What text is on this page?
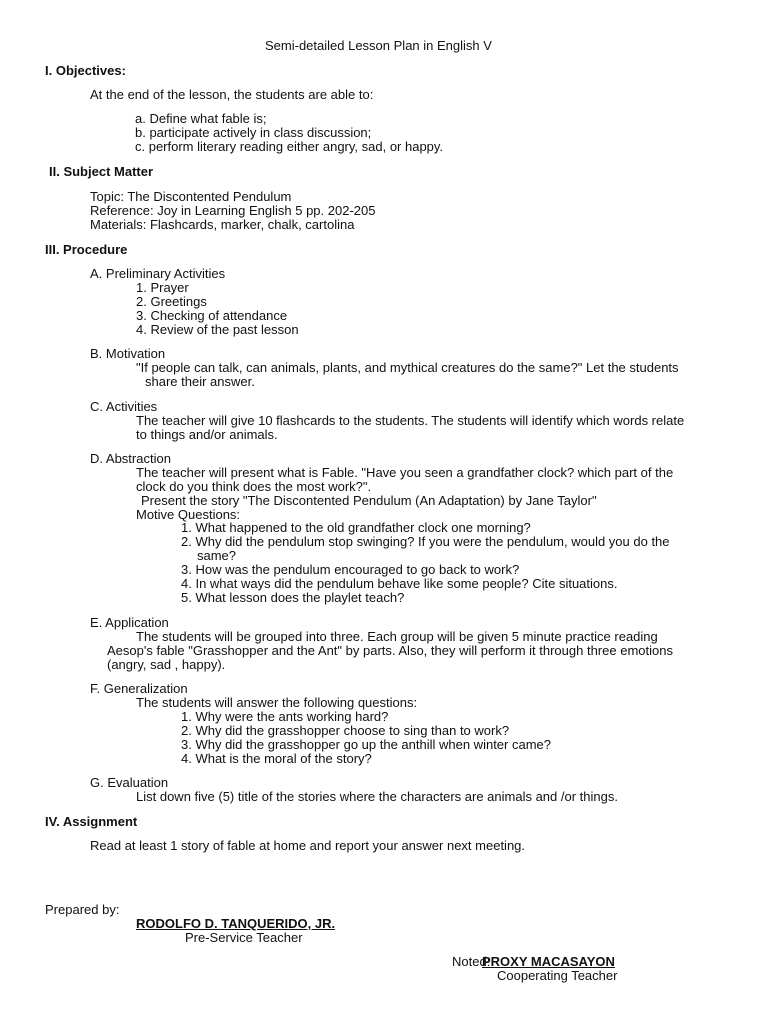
Semi-detailed Lesson Plan in English V
I. Objectives:
At the end of the lesson, the students are able to:
a. Define what fable is;
b. participate actively in class discussion;
c. perform literary reading either angry, sad, or happy.
II. Subject Matter
Topic: The Discontented Pendulum
Reference: Joy in Learning English 5 pp. 202-205
Materials: Flashcards, marker, chalk, cartolina
III. Procedure
A. Preliminary Activities
1. Prayer
2. Greetings
3. Checking of attendance
4. Review of the past lesson
B. Motivation
"If people can talk, can animals, plants, and mythical creatures do the same?" Let the students
share their answer.
C. Activities
The teacher will give 10 flashcards to the students. The students will identify which words relate
to things and/or animals.
D. Abstraction
The teacher will present what is Fable. "Have you seen a grandfather clock? which part of the
clock do you think does the most work?".
Present the story "The Discontented Pendulum (An Adaptation) by Jane Taylor"
Motive Questions:
1. What happened to the old grandfather clock one morning?
2. Why did the pendulum stop swinging? If you were the pendulum, would you do the
same?
3. How was the pendulum encouraged to go back to work?
4. In what ways did the pendulum behave like some people? Cite situations.
5. What lesson does the playlet teach?
E. Application
The students will be grouped into three. Each group will be given 5 minute practice reading
Aesop's fable "Grasshopper and the Ant" by parts. Also, they will perform it through three emotions
(angry, sad , happy).
F. Generalization
The students will answer the following questions:
1. Why were the ants working hard?
2. Why did the grasshopper choose to sing than to work?
3. Why did the grasshopper go up the anthill when winter came?
4. What is the moral of the story?
G. Evaluation
List down five (5) title of the stories where the characters are animals and /or things.
IV. Assignment
Read at least 1 story of fable at home and report your answer next meeting.
Prepared by:
RODOLFO D. TANQUERIDO, JR.
Pre-Service Teacher
Noted:
PROXY MACASAYON
Cooperating Teacher
